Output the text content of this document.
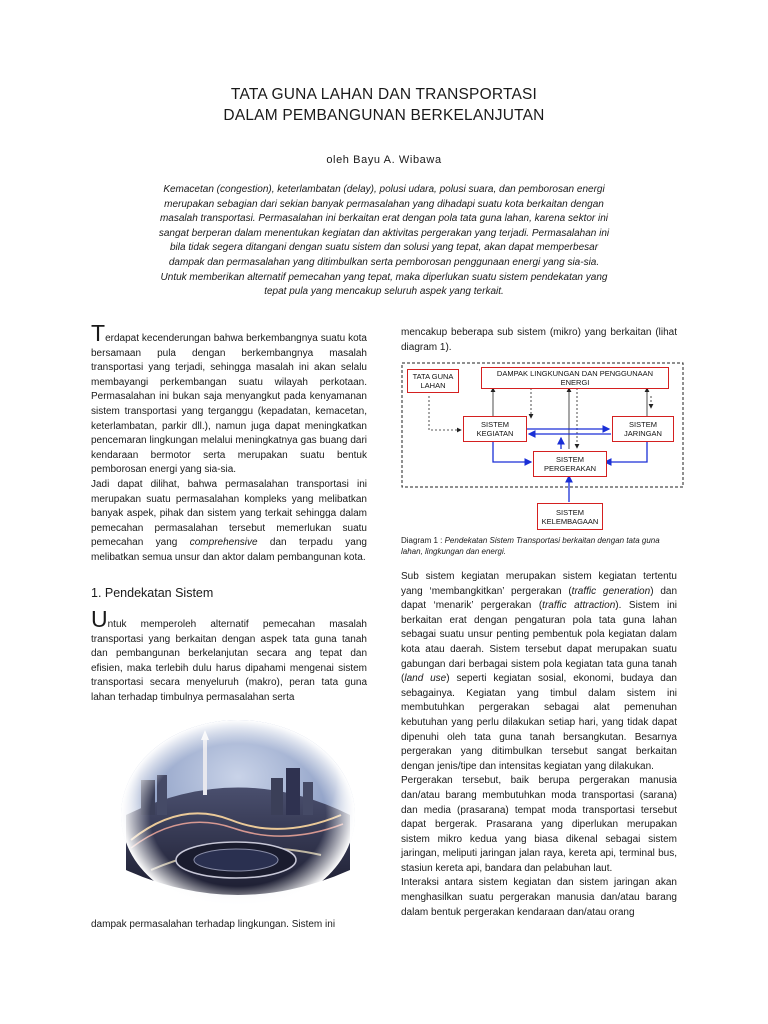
TATA GUNA LAHAN DAN TRANSPORTASI
DALAM PEMBANGUNAN BERKELANJUTAN
oleh Bayu A. Wibawa
Kemacetan (congestion), keterlambatan (delay), polusi udara, polusi suara, dan pemborosan energi merupakan sebagian dari sekian banyak permasalahan yang dihadapi suatu kota berkaitan dengan masalah transportasi. Permasalahan ini berkaitan erat dengan pola tata guna lahan, karena sektor ini sangat berperan dalam menentukan kegiatan dan aktivitas pergerakan yang terjadi. Permasalahan ini bila tidak segera ditangani dengan suatu sistem dan solusi yang tepat, akan dapat memperbesar dampak dan permasalahan yang ditimbulkan serta pemborosan penggunaan energi yang sia-sia. Untuk memberikan alternatif pemecahan yang tepat, maka diperlukan suatu sistem pendekatan yang tepat pula yang mencakup seluruh aspek yang terkait.

Terdapat kecenderungan bahwa berkembangnya suatu kota bersamaan pula dengan berkembangnya masalah transportasi yang terjadi, sehingga masalah ini akan selalu membayangi perkembangan suatu wilayah perkotaan. Permasalahan ini bukan saja menyangkut pada kenyamanan sistem transportasi yang terganggu (kepadatan, kemacetan, keterlambatan, parkir dll.), namun juga dapat meningkatkan pencemaran lingkungan melalui meningkatnya gas buang dari kendaraan bermotor serta merupakan suatu bentuk pemborosan energi yang sia-sia.

Jadi dapat dilihat, bahwa permasalahan transportasi ini merupakan suatu permasalahan kompleks yang melibatkan banyak aspek, pihak dan sistem yang terkait sehingga dalam pemecahan permasalahan tersebut memerlukan suatu pemecahan yang comprehensive dan terpadu yang melibatkan semua unsur dan aktor dalam pembangunan kota.

1. Pendekatan Sistem

Untuk memperoleh alternatif pemecahan masalah transportasi yang berkaitan dengan aspek tata guna tanah dan pembangunan berkelanjutan secara ang tepat dan efisien, maka terlebih dulu harus dipahami mengenai sistem transportasi secara menyeluruh (makro), peran tata guna lahan terhadap timbulnya permasalahan serta

dampak permasalahan terhadap lingkungan. Sistem ini

mencakup beberapa sub sistem (mikro) yang berkaitan (lihat diagram 1).

TATA GUNA LAHAN
DAMPAK LINGKUNGAN DAN PENGGUNAAN ENERGI
SISTEM KEGIATAN
SISTEM JARINGAN
SISTEM PERGERAKAN
SISTEM KELEMBAGAAN
Diagram 1 : Pendekatan Sistem Transportasi berkaitan dengan tata guna lahan, lingkungan dan energi.

Sub sistem kegiatan merupakan sistem kegiatan tertentu yang ‘membangkitkan’ pergerakan (traffic generation) dan dapat ‘menarik’ pergerakan (traffic attraction). Sistem ini berkaitan erat dengan pengaturan pola tata guna lahan sebagai suatu unsur penting pembentuk pola kegiatan dalam kota atau daerah. Sistem tersebut dapat merupakan suatu gabungan dari berbagai sistem pola kegiatan tata guna tanah (land use) seperti kegiatan sosial, ekonomi, budaya dan sebagainya. Kegiatan yang timbul dalam sistem ini membutuhkan pergerakan sebagai alat pemenuhan kebutuhan yang perlu dilakukan setiap hari, yang tidak dapat dipenuhi oleh tata guna tanah bersangkutan. Besarnya pergerakan yang ditimbulkan tersebut sangat berkaitan dengan jenis/tipe dan intensitas kegiatan yang dilakukan.

Pergerakan tersebut, baik berupa pergerakan manusia dan/atau barang membutuhkan moda transportasi (sarana) dan media (prasarana) tempat moda transportasi tersebut dapat bergerak. Prasarana yang diperlukan merupakan sistem mikro kedua yang biasa dikenal sebagai sistem jaringan, meliputi jaringan jalan raya, kereta api, terminal bus, stasiun kereta api, bandara dan pelabuhan laut.

Interaksi antara sistem kegiatan dan sistem jaringan akan menghasilkan suatu pergerakan manusia dan/atau barang dalam bentuk pergerakan kendaraan dan/atau orang
